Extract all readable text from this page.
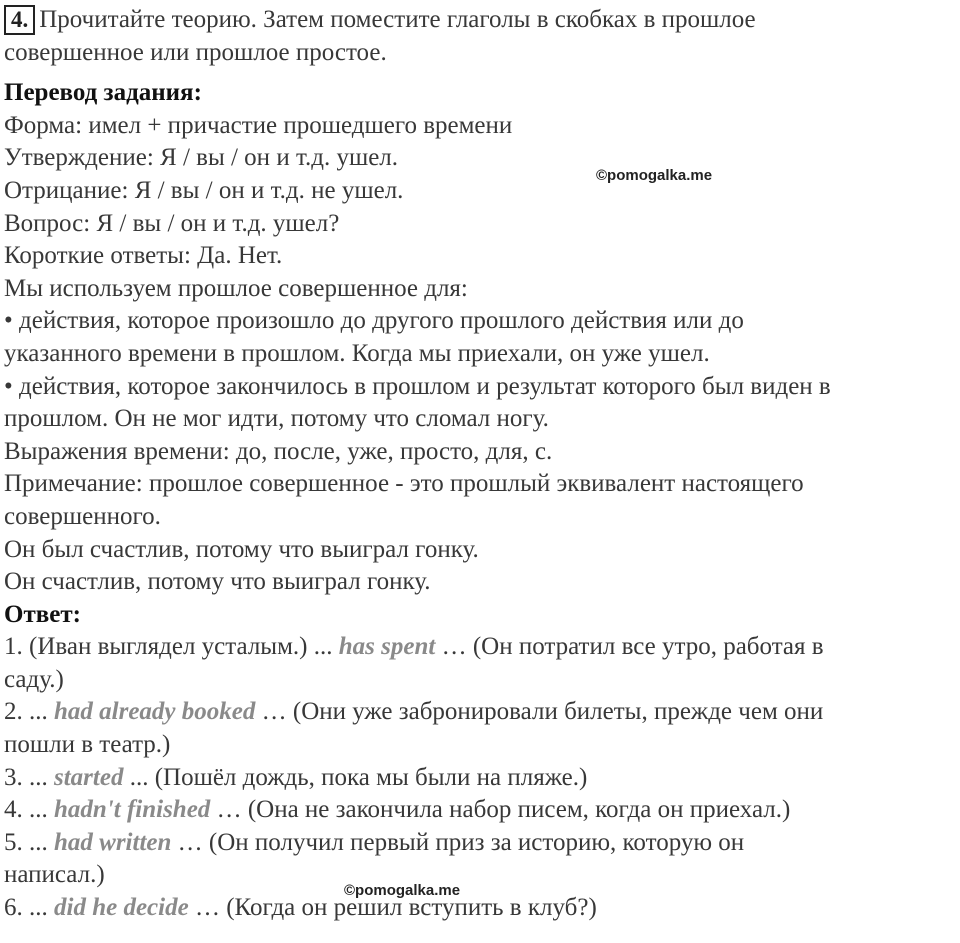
4. Прочитайте теорию. Затем поместите глаголы в скобках в прошлое
совершенное или прошлое простое.
Перевод задания:
Форма: имел + причастие прошедшего времени
Утверждение: Я / вы / он и т.д. ушел.
Отрицание: Я / вы / он и т.д. не ушел.
Вопрос: Я / вы / он и т.д. ушел?
Короткие ответы: Да. Нет.
Мы используем прошлое совершенное для:
• действия, которое произошло до другого прошлого действия или до
указанного времени в прошлом. Когда мы приехали, он уже ушел.
• действия, которое закончилось в прошлом и результат которого был виден в
прошлом. Он не мог идти, потому что сломал ногу.
Выражения времени: до, после, уже, просто, для, с.
Примечание: прошлое совершенное - это прошлый эквивалент настоящего
совершенного.
Он был счастлив, потому что выиграл гонку.
Он счастлив, потому что выиграл гонку.
Ответ:
1. (Иван выглядел усталым.) ... has spent … (Он потратил все утро, работая в
саду.)
2. ... had already booked … (Они уже забронировали билеты, прежде чем они
пошли в театр.)
3. ... started ... (Пошёл дождь, пока мы были на пляже.)
4. ... hadn't finished … (Она не закончила набор писем, когда он приехал.)
5. ... had written … (Он получил первый приз за историю, которую он
написал.)
6. ... did he decide … (Когда он решил вступить в клуб?)
©pomogalka.me
©pomogalka.me
